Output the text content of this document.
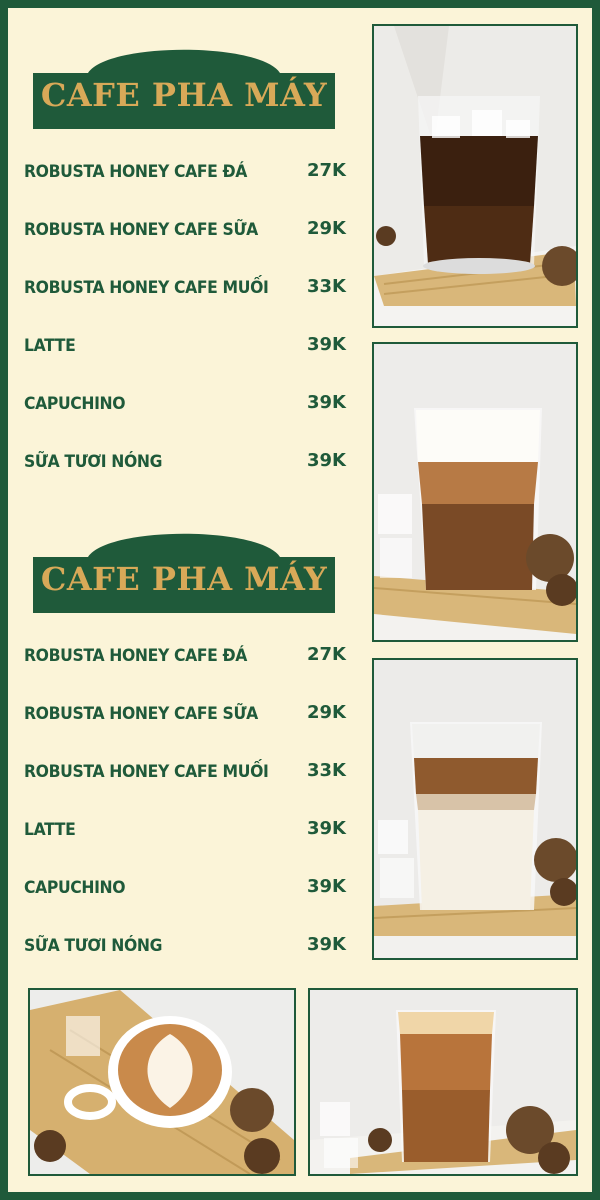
CAFE PHA MÁY
ROBUSTA HONEY CAFE ĐÁ	27K
ROBUSTA HONEY CAFE SỮA	29K
ROBUSTA HONEY CAFE MUỐI 33K
LATTE	39K
CAPUCHINO	39K
SỮA TƯƠI NÓNG	39K
CAFE PHA MÁY
ROBUSTA HONEY CAFE ĐÁ	27K
ROBUSTA HONEY CAFE SỮA	29K
ROBUSTA HONEY CAFE MUỐI 33K
LATTE	39K
CAPUCHINO	39K
SỮA TƯƠI NÓNG	39K
